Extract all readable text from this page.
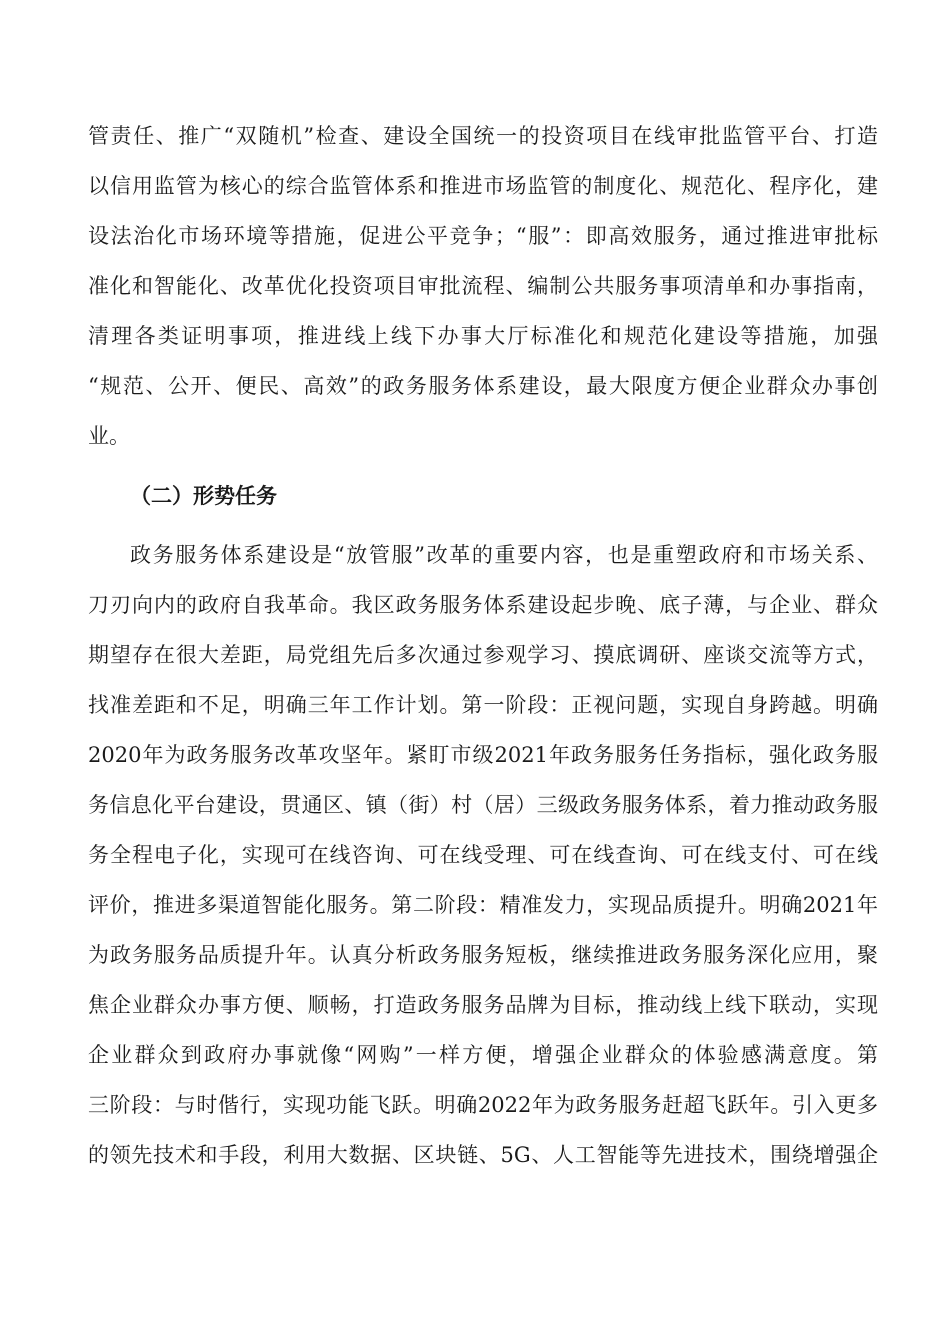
管责任、推广“双随机”检查、建设全国统一的投资项目在线审批监管平台、打造
以信用监管为核心的综合监管体系和推进市场监管的制度化、规范化、程序化，建
设法治化市场环境等措施，促进公平竞争；“服”：即高效服务，通过推进审批标
准化和智能化、改革优化投资项目审批流程、编制公共服务事项清单和办事指南，
清理各类证明事项，推进线上线下办事大厅标准化和规范化建设等措施，加强
“规范、公开、便民、高效”的政务服务体系建设，最大限度方便企业群众办事创
业。
（二）形势任务
政务服务体系建设是“放管服”改革的重要内容，也是重塑政府和市场关系、
刀刃向内的政府自我革命。我区政务服务体系建设起步晚、底子薄，与企业、群众
期望存在很大差距，局党组先后多次通过参观学习、摸底调研、座谈交流等方式，
找准差距和不足，明确三年工作计划。第一阶段：正视问题，实现自身跨越。明确
2020年为政务服务改革攻坚年。紧盯市级2021年政务服务任务指标，强化政务服
务信息化平台建设，贯通区、镇（街）村（居）三级政务服务体系，着力推动政务服
务全程电子化，实现可在线咨询、可在线受理、可在线查询、可在线支付、可在线
评价，推进多渠道智能化服务。第二阶段：精准发力，实现品质提升。明确2021年
为政务服务品质提升年。认真分析政务服务短板，继续推进政务服务深化应用，聚
焦企业群众办事方便、顺畅，打造政务服务品牌为目标，推动线上线下联动，实现
企业群众到政府办事就像“网购”一样方便，增强企业群众的体验感满意度。第
三阶段：与时偕行，实现功能飞跃。明确2022年为政务服务赶超飞跃年。引入更多
的领先技术和手段，利用大数据、区块链、5G、人工智能等先进技术，围绕增强企
